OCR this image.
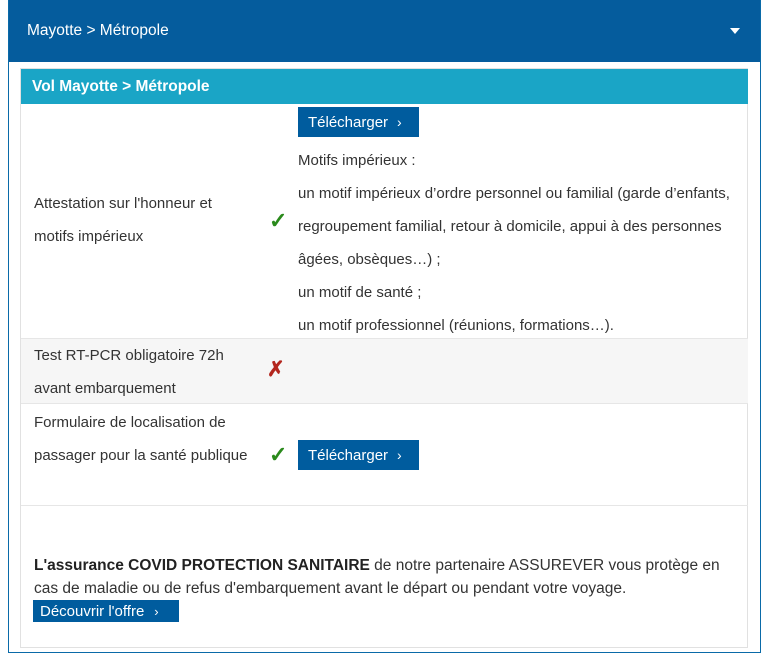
Mayotte > Métropole
Vol Mayotte > Métropole
Attestation sur l'honneur et motifs impérieux
✓
Télécharger ›
Motifs impérieux :
un motif impérieux d’ordre personnel ou familial (garde d’enfants, regroupement familial, retour à domicile, appui à des personnes âgées, obsèques…) ;
un motif de santé ;
un motif professionnel (réunions, formations…).
Test RT-PCR obligatoire 72h avant embarquement
✗
Formulaire de localisation de passager pour la santé publique ✓ Télécharger ›
L'assurance COVID PROTECTION SANITAIRE de notre partenaire ASSUREVER vous protège en cas de maladie ou de refus d'embarquement avant le départ ou pendant votre voyage.
Découvrir l'offre ›
